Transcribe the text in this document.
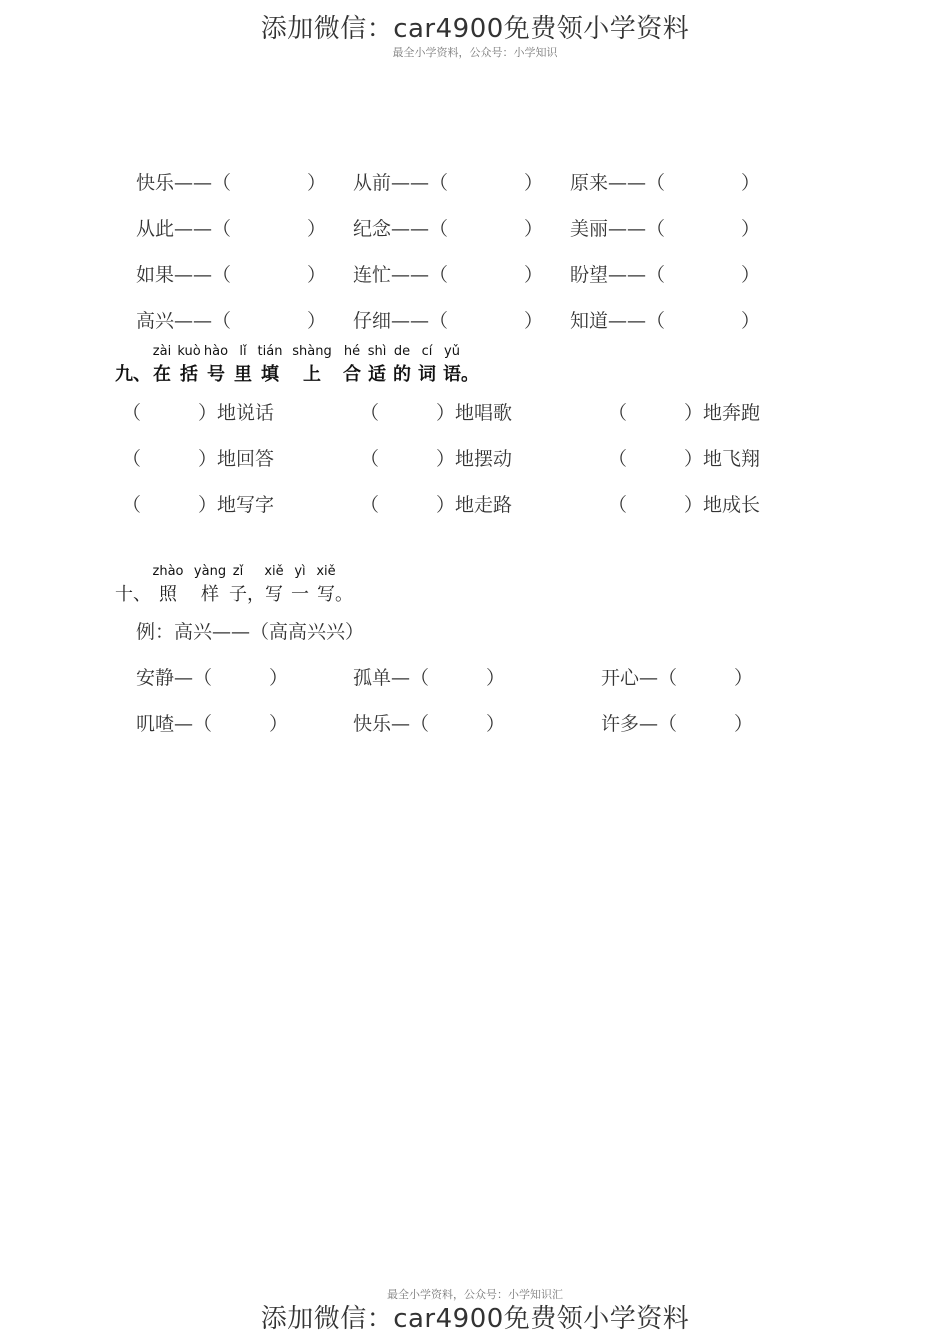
添加微信：car4900免费领小学资料
最全小学资料，公众号：小学知识
快乐——（　　　　） 从前——（　　　　） 原来——（　　　　）
从此——（　　　　） 纪念——（　　　　） 美丽——（　　　　）
如果——（　　　　） 连忙——（　　　　） 盼望——（　　　　）
高兴——（　　　　） 仔细——（　　　　） 知道——（　　　　）
九、
zài
在
kuò
括
hào
号
lǐ
里
tián
填
shàng
上
hé
合
shì
适
de
的
cí
词
yǔ
语。
（　　　）地说话	（　　　）地唱歌	（　　　）地奔跑
（　　　）地回答	（　　　）地摆动	（　　　）地飞翔
（　　　）地写字	（　　　）地走路	（　　　）地成长
十、
zhào
照
yàng
样
zǐ
子，
xiě
写
yì
一
xiě
写。
例：高兴——（高高兴兴）
安静—（　　　）	孤单—（　　　）	开心—（　　　）
叽喳—（　　　）	快乐—（　　　）	许多—（　　　）
最全小学资料，公众号：小学知识汇
添加微信：car4900免费领小学资料
